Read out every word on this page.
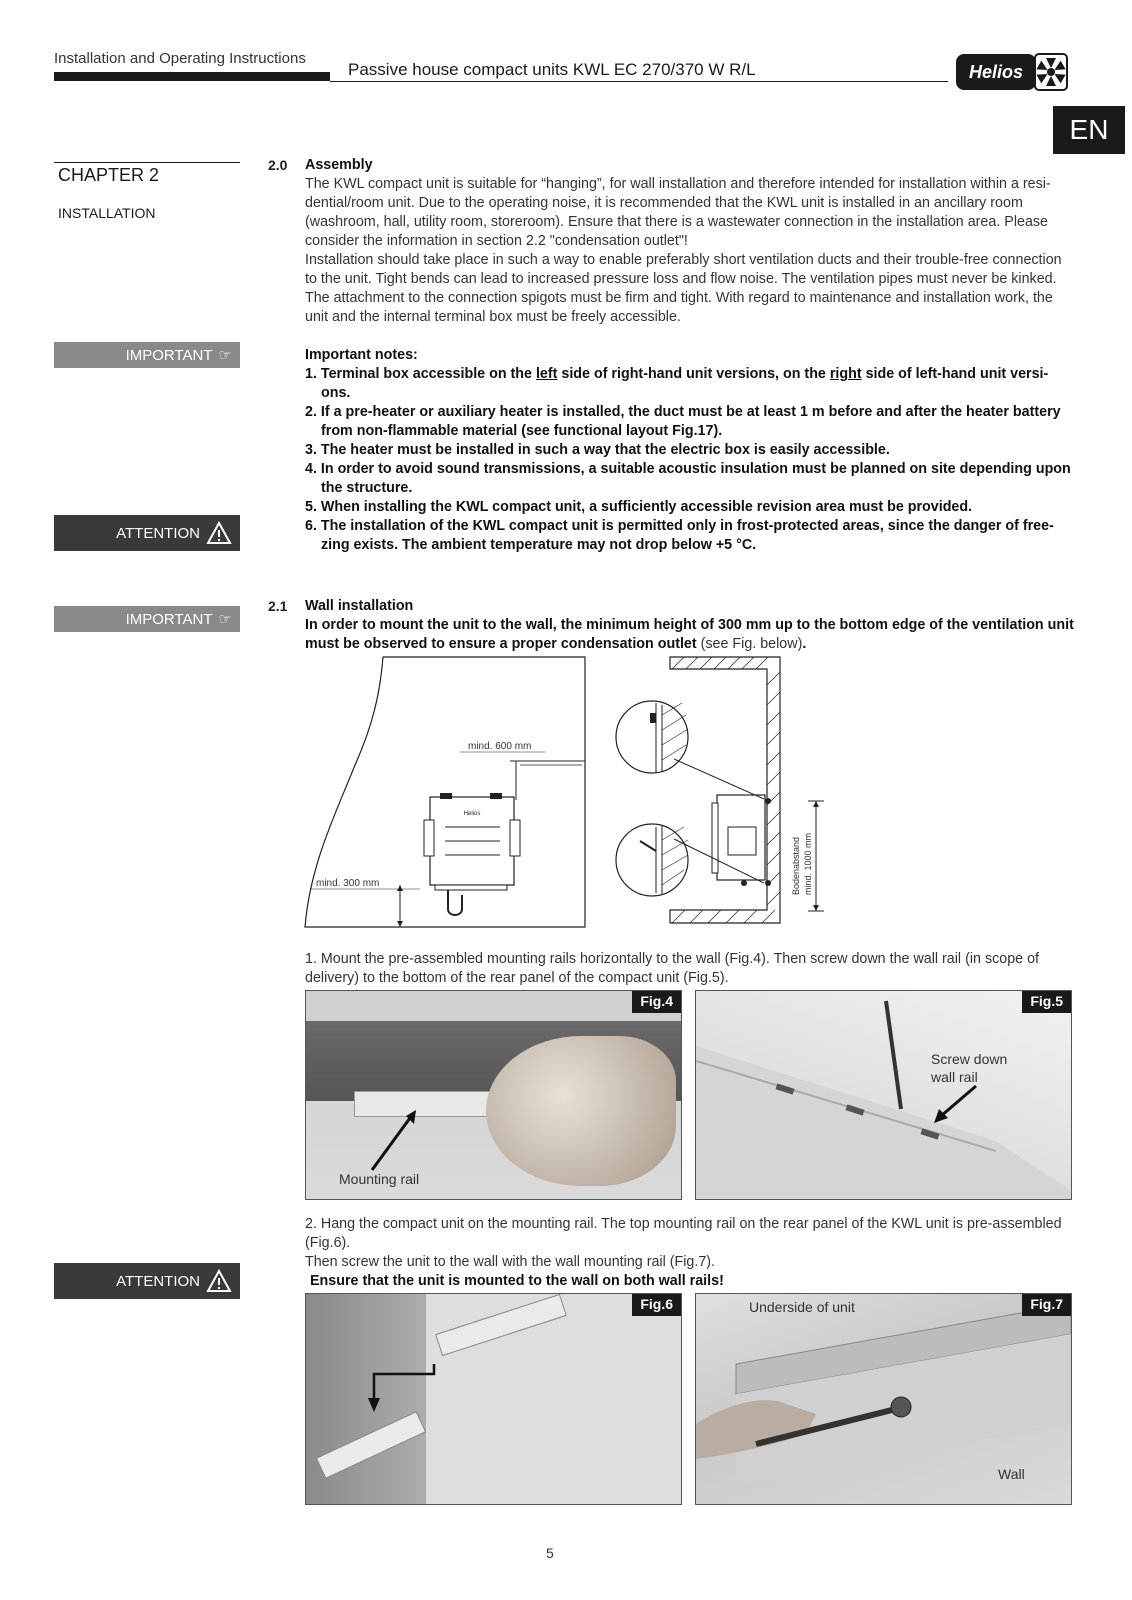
Installation and Operating Instructions
Passive house compact units KWL EC 270/370 W R/L	Helios
EN
CHAPTER 2
INSTALLATION
IMPORTANT ☞
ATTENTION
IMPORTANT ☞
ATTENTION
2.0 Assembly
The KWL compact unit is suitable for “hanging”, for wall installation and therefore intended for installation within a resi-dential/room unit. Due to the operating noise, it is recommended that the KWL unit is installed in an ancillary room (washroom, hall, utility room, storeroom). Ensure that there is a wastewater connection in the installation area. Please consider the information in section 2.2 "condensation outlet"!
Installation should take place in such a way to enable preferably short ventilation ducts and their trouble-free connection to the unit. Tight bends can lead to increased pressure loss and flow noise. The ventilation pipes must never be kinked. The attachment to the connection spigots must be firm and tight. With regard to maintenance and installation work, the unit and the internal terminal box must be freely accessible.
Important notes:
1. Terminal box accessible on the left side of right-hand unit versions, on the right side of left-hand unit versi-ons.
2. If a pre-heater or auxiliary heater is installed, the duct must be at least 1 m before and after the heater battery from non-flammable material (see functional layout Fig.17).
3. The heater must be installed in such a way that the electric box is easily accessible.
4. In order to avoid sound transmissions, a suitable acoustic insulation must be planned on site depending upon the structure.
5. When installing the KWL compact unit, a sufficiently accessible revision area must be provided.
6. The installation of the KWL compact unit is permitted only in frost-protected areas, since the danger of free-zing exists. The ambient temperature may not drop below +5 °C.
2.1 Wall installation
In order to mount the unit to the wall, the minimum height of 300 mm up to the bottom edge of the ventilation unit must be observed to ensure a proper condensation outlet (see Fig. below).
mind. 600 mm
Helios
mind. 300 mm	Bodenabstand mind. 1000 mm
1. Mount the pre-assembled mounting rails horizontally to the wall (Fig.4). Then screw down the wall rail (in scope of delivery) to the bottom of the rear panel of the compact unit (Fig.5).
Mounting rail
Fig.4
Screw down
wall rail
Fig.5
2. Hang the compact unit on the mounting rail. The top mounting rail on the rear panel of the KWL unit is pre-assembled (Fig.6).
Then screw the unit to the wall with the wall mounting rail (Fig.7).
Ensure that the unit is mounted to the wall on both wall rails!
Fig.6	Underside of unit
Wall
Fig.7
5
